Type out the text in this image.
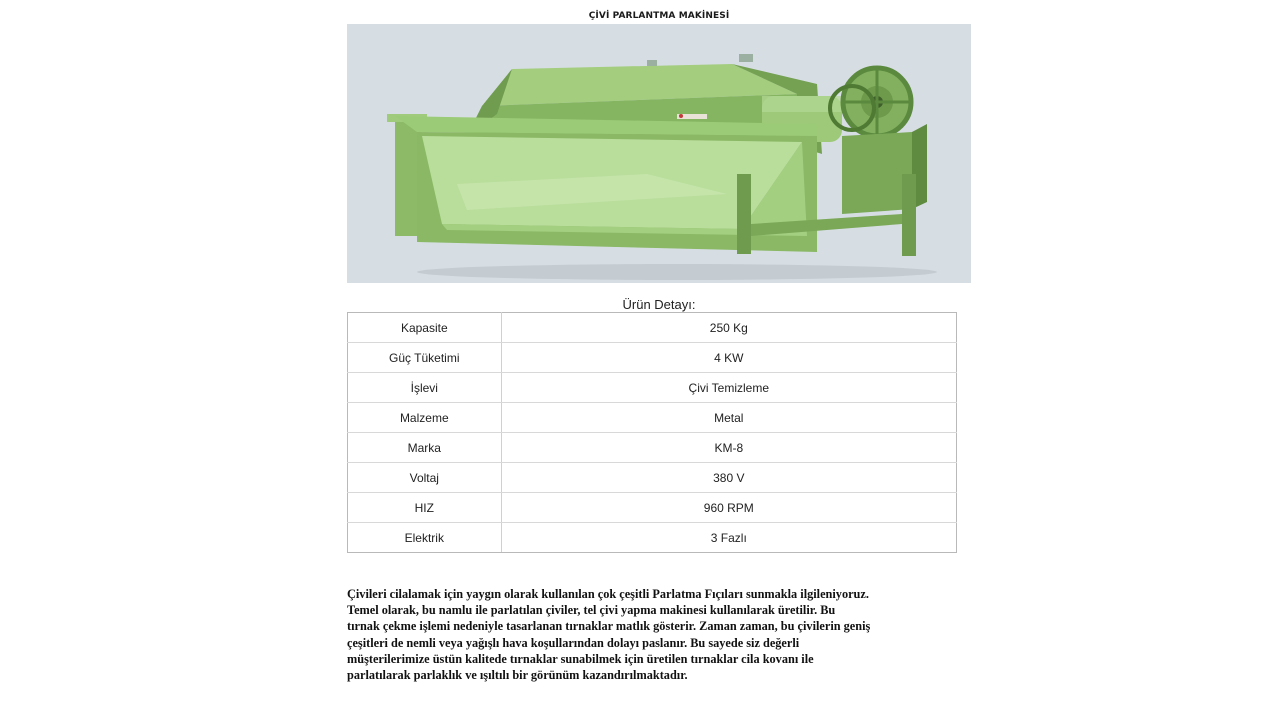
ÇİVİ PARLANTMA MAKİNESİ
Ürün Detayı:
Kapasite	250 Kg
Güç Tüketimi	4 KW
İşlevi	Çivi Temizleme
Malzeme	Metal
Marka	KM-8
Voltaj	380 V
HIZ	960 RPM
Elektrik	3 Fazlı
Çivileri cilalamak için yaygın olarak kullanılan çok çeşitli Parlatma Fıçıları sunmakla ilgileniyoruz.
Temel olarak, bu namlu ile parlatılan çiviler, tel çivi yapma makinesi kullanılarak üretilir. Bu
tırnak çekme işlemi nedeniyle tasarlanan tırnaklar matlık gösterir. Zaman zaman, bu çivilerin geniş
çeşitleri de nemli veya yağışlı hava koşullarından dolayı paslanır. Bu sayede siz değerli
müşterilerimize üstün kalitede tırnaklar sunabilmek için üretilen tırnaklar cila kovanı ile
parlatılarak parlaklık ve ışıltılı bir görünüm kazandırılmaktadır.
